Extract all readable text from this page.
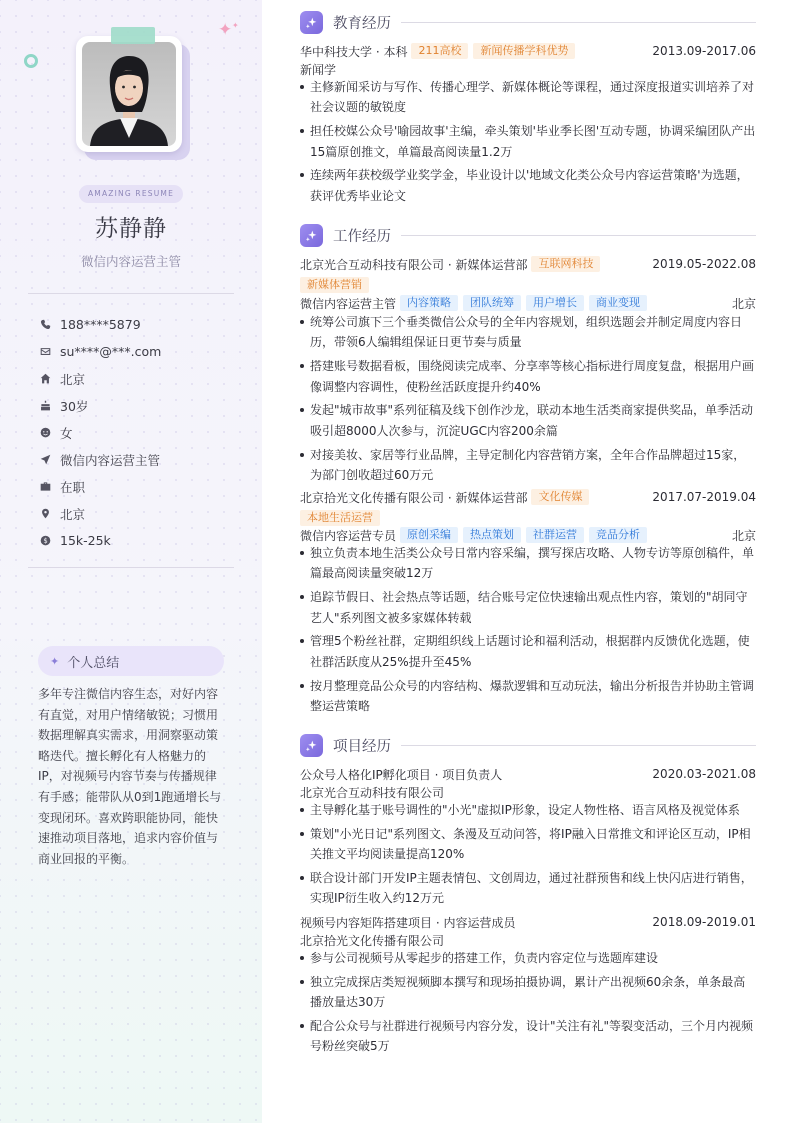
✦ ✦
AMAZING RESUME
苏静静
微信内容运营主管
188****5879
su****@***.com
北京
30岁
女
微信内容运营主管
在职
北京
$ 15k-25k
✦ 个人总结

多年专注微信内容生态，对好内容有直觉，对用户情绪敏锐；习惯用数据理解真实需求，用洞察驱动策略迭代。擅长孵化有人格魅力的IP，对视频号内容节奏与传播规律有手感；能带队从0到1跑通增长与变现闭环。喜欢跨职能协同，能快速推动项目落地，追求内容价值与商业回报的平衡。

教育经历
华中科技大学 · 本科	211高校	新闻传播学科优势	2013.09-2017.06
新闻学
主修新闻采访与写作、传播心理学、新媒体概论等课程，通过深度报道实训培养了对社会议题的敏锐度
担任校媒公众号'喻园故事'主编，牵头策划'毕业季长图'互动专题，协调采编团队产出15篇原创推文，单篇最高阅读量1.2万
连续两年获校级学业奖学金，毕业设计以'地域文化类公众号内容运营策略'为选题，获评优秀毕业论文
工作经历
北京光合互动科技有限公司 · 新媒体运营部	互联网科技	2019.05-2022.08
新媒体营销
微信内容运营主管	内容策略	团队统筹	用户增长	商业变现	北京
统筹公司旗下三个垂类微信公众号的全年内容规划，组织选题会并制定周度内容日历，带领6人编辑组保证日更节奏与质量
搭建账号数据看板，围绕阅读完成率、分享率等核心指标进行周度复盘，根据用户画像调整内容调性，使粉丝活跃度提升约40%
发起"城市故事"系列征稿及线下创作沙龙，联动本地生活类商家提供奖品，单季活动吸引超8000人次参与，沉淀UGC内容200余篇
对接美妆、家居等行业品牌，主导定制化内容营销方案，全年合作品牌超过15家，为部门创收超过60万元
北京拾光文化传播有限公司 · 新媒体运营部	文化传媒	2017.07-2019.04
本地生活运营
微信内容运营专员	原创采编	热点策划	社群运营	竞品分析	北京
独立负责本地生活类公众号日常内容采编，撰写探店攻略、人物专访等原创稿件，单篇最高阅读量突破12万
追踪节假日、社会热点等话题，结合账号定位快速输出观点性内容，策划的"胡同守艺人"系列图文被多家媒体转载
管理5个粉丝社群，定期组织线上话题讨论和福利活动，根据群内反馈优化选题，使社群活跃度从25%提升至45%
按月整理竞品公众号的内容结构、爆款逻辑和互动玩法，输出分析报告并协助主管调整运营策略
项目经历
公众号人格化IP孵化项目 · 项目负责人	2020.03-2021.08
北京光合互动科技有限公司
主导孵化基于账号调性的"小光"虚拟IP形象，设定人物性格、语言风格及视觉体系
策划"小光日记"系列图文、条漫及互动问答，将IP融入日常推文和评论区互动，IP相关推文平均阅读量提高120%
联合设计部门开发IP主题表情包、文创周边，通过社群预售和线上快闪店进行销售，实现IP衍生收入约12万元
视频号内容矩阵搭建项目 · 内容运营成员	2018.09-2019.01
北京拾光文化传播有限公司
参与公司视频号从零起步的搭建工作，负责内容定位与选题库建设
独立完成探店类短视频脚本撰写和现场拍摄协调，累计产出视频60余条，单条最高播放量达30万
配合公众号与社群进行视频号内容分发，设计"关注有礼"等裂变活动，三个月内视频号粉丝突破5万
